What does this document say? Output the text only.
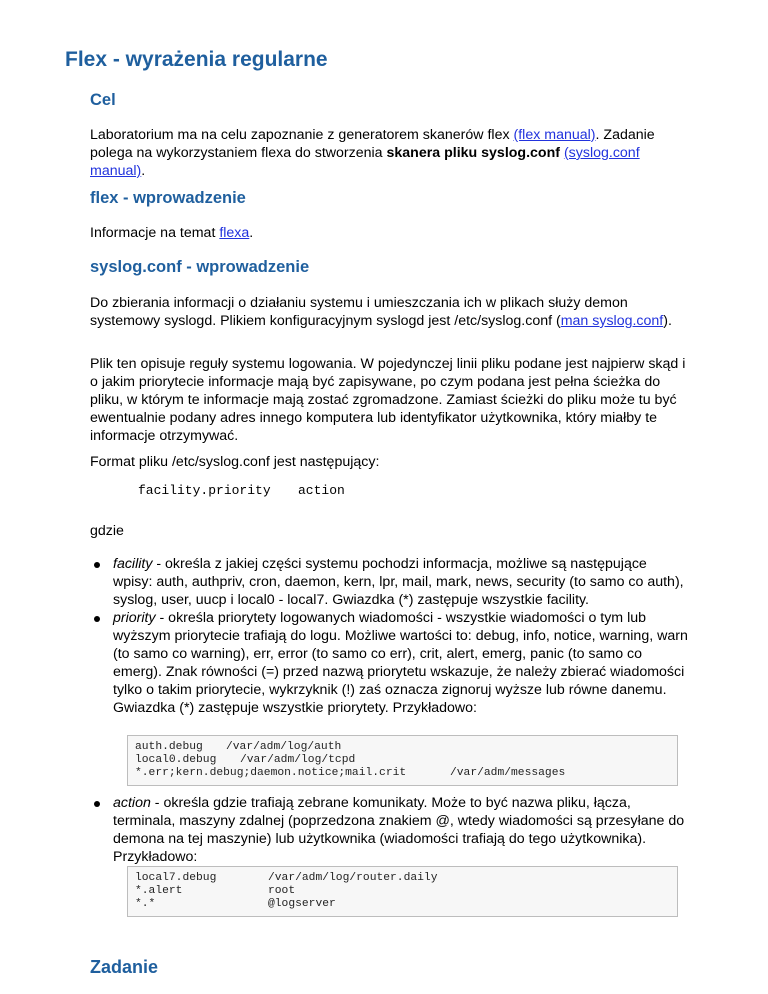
Flex - wyrażenia regularne
Cel

Laboratorium ma na celu zapoznanie z generatorem skanerów flex (flex manual). Zadanie polega na wykorzystaniem flexa do stworzenia skanera pliku syslog.conf (syslog.conf manual).

flex - wprowadzenie

Informacje na temat flexa.

syslog.conf - wprowadzenie

Do zbierania informacji o działaniu systemu i umieszczania ich w plikach służy demon systemowy syslogd. Plikiem konfiguracyjnym syslogd jest /etc/syslog.conf (man syslog.conf).

Plik ten opisuje reguły systemu logowania. W pojedynczej linii pliku podane jest najpierw skąd i o jakim priorytecie informacje mają być zapisywane, po czym podana jest pełna ścieżka do pliku, w którym te informacje mają zostać zgromadzone. Zamiast ścieżki do pliku może tu być ewentualnie podany adres innego komputera lub identyfikator użytkownika, który miałby te informacje otrzymywać.

Format pliku /etc/syslog.conf jest następujący:

facility.priority action

gdzie

facility - określa z jakiej części systemu pochodzi informacja, możliwe są następujące wpisy: auth, authpriv, cron, daemon, kern, lpr, mail, mark, news, security (to samo co auth), syslog, user, uucp i local0 - local7. Gwiazdka (*) zastępuje wszystkie facility.
priority - określa priorytety logowanych wiadomości - wszystkie wiadomości o tym lub wyższym priorytecie trafiają do logu. Możliwe wartości to: debug, info, notice, warning, warn (to samo co warning), err, error (to samo co err), crit, alert, emerg, panic (to samo co emerg). Znak równości (=) przed nazwą priorytetu wskazuje, że należy zbierać wiadomości tylko o takim priorytecie, wykrzyknik (!) zaś oznacza zignoruj wyższe lub równe danemu. Gwiazdka (*) zastępuje wszystkie priorytety. Przykładowo:
auth.debug	/var/adm/log/auth
local0.debug	/var/adm/log/tcpd
*.err;kern.debug;daemon.notice;mail.crit	/var/adm/messages
action - określa gdzie trafiają zebrane komunikaty. Może to być nazwa pliku, łącza, terminala, maszyny zdalnej (poprzedzona znakiem @, wtedy wiadomości są przesyłane do demona na tej maszynie) lub użytkownika (wiadomości trafiają do tego użytkownika). Przykładowo:
local7.debug	/var/adm/log/router.daily
*.alert	root
*.*	@logserver
Zadanie
